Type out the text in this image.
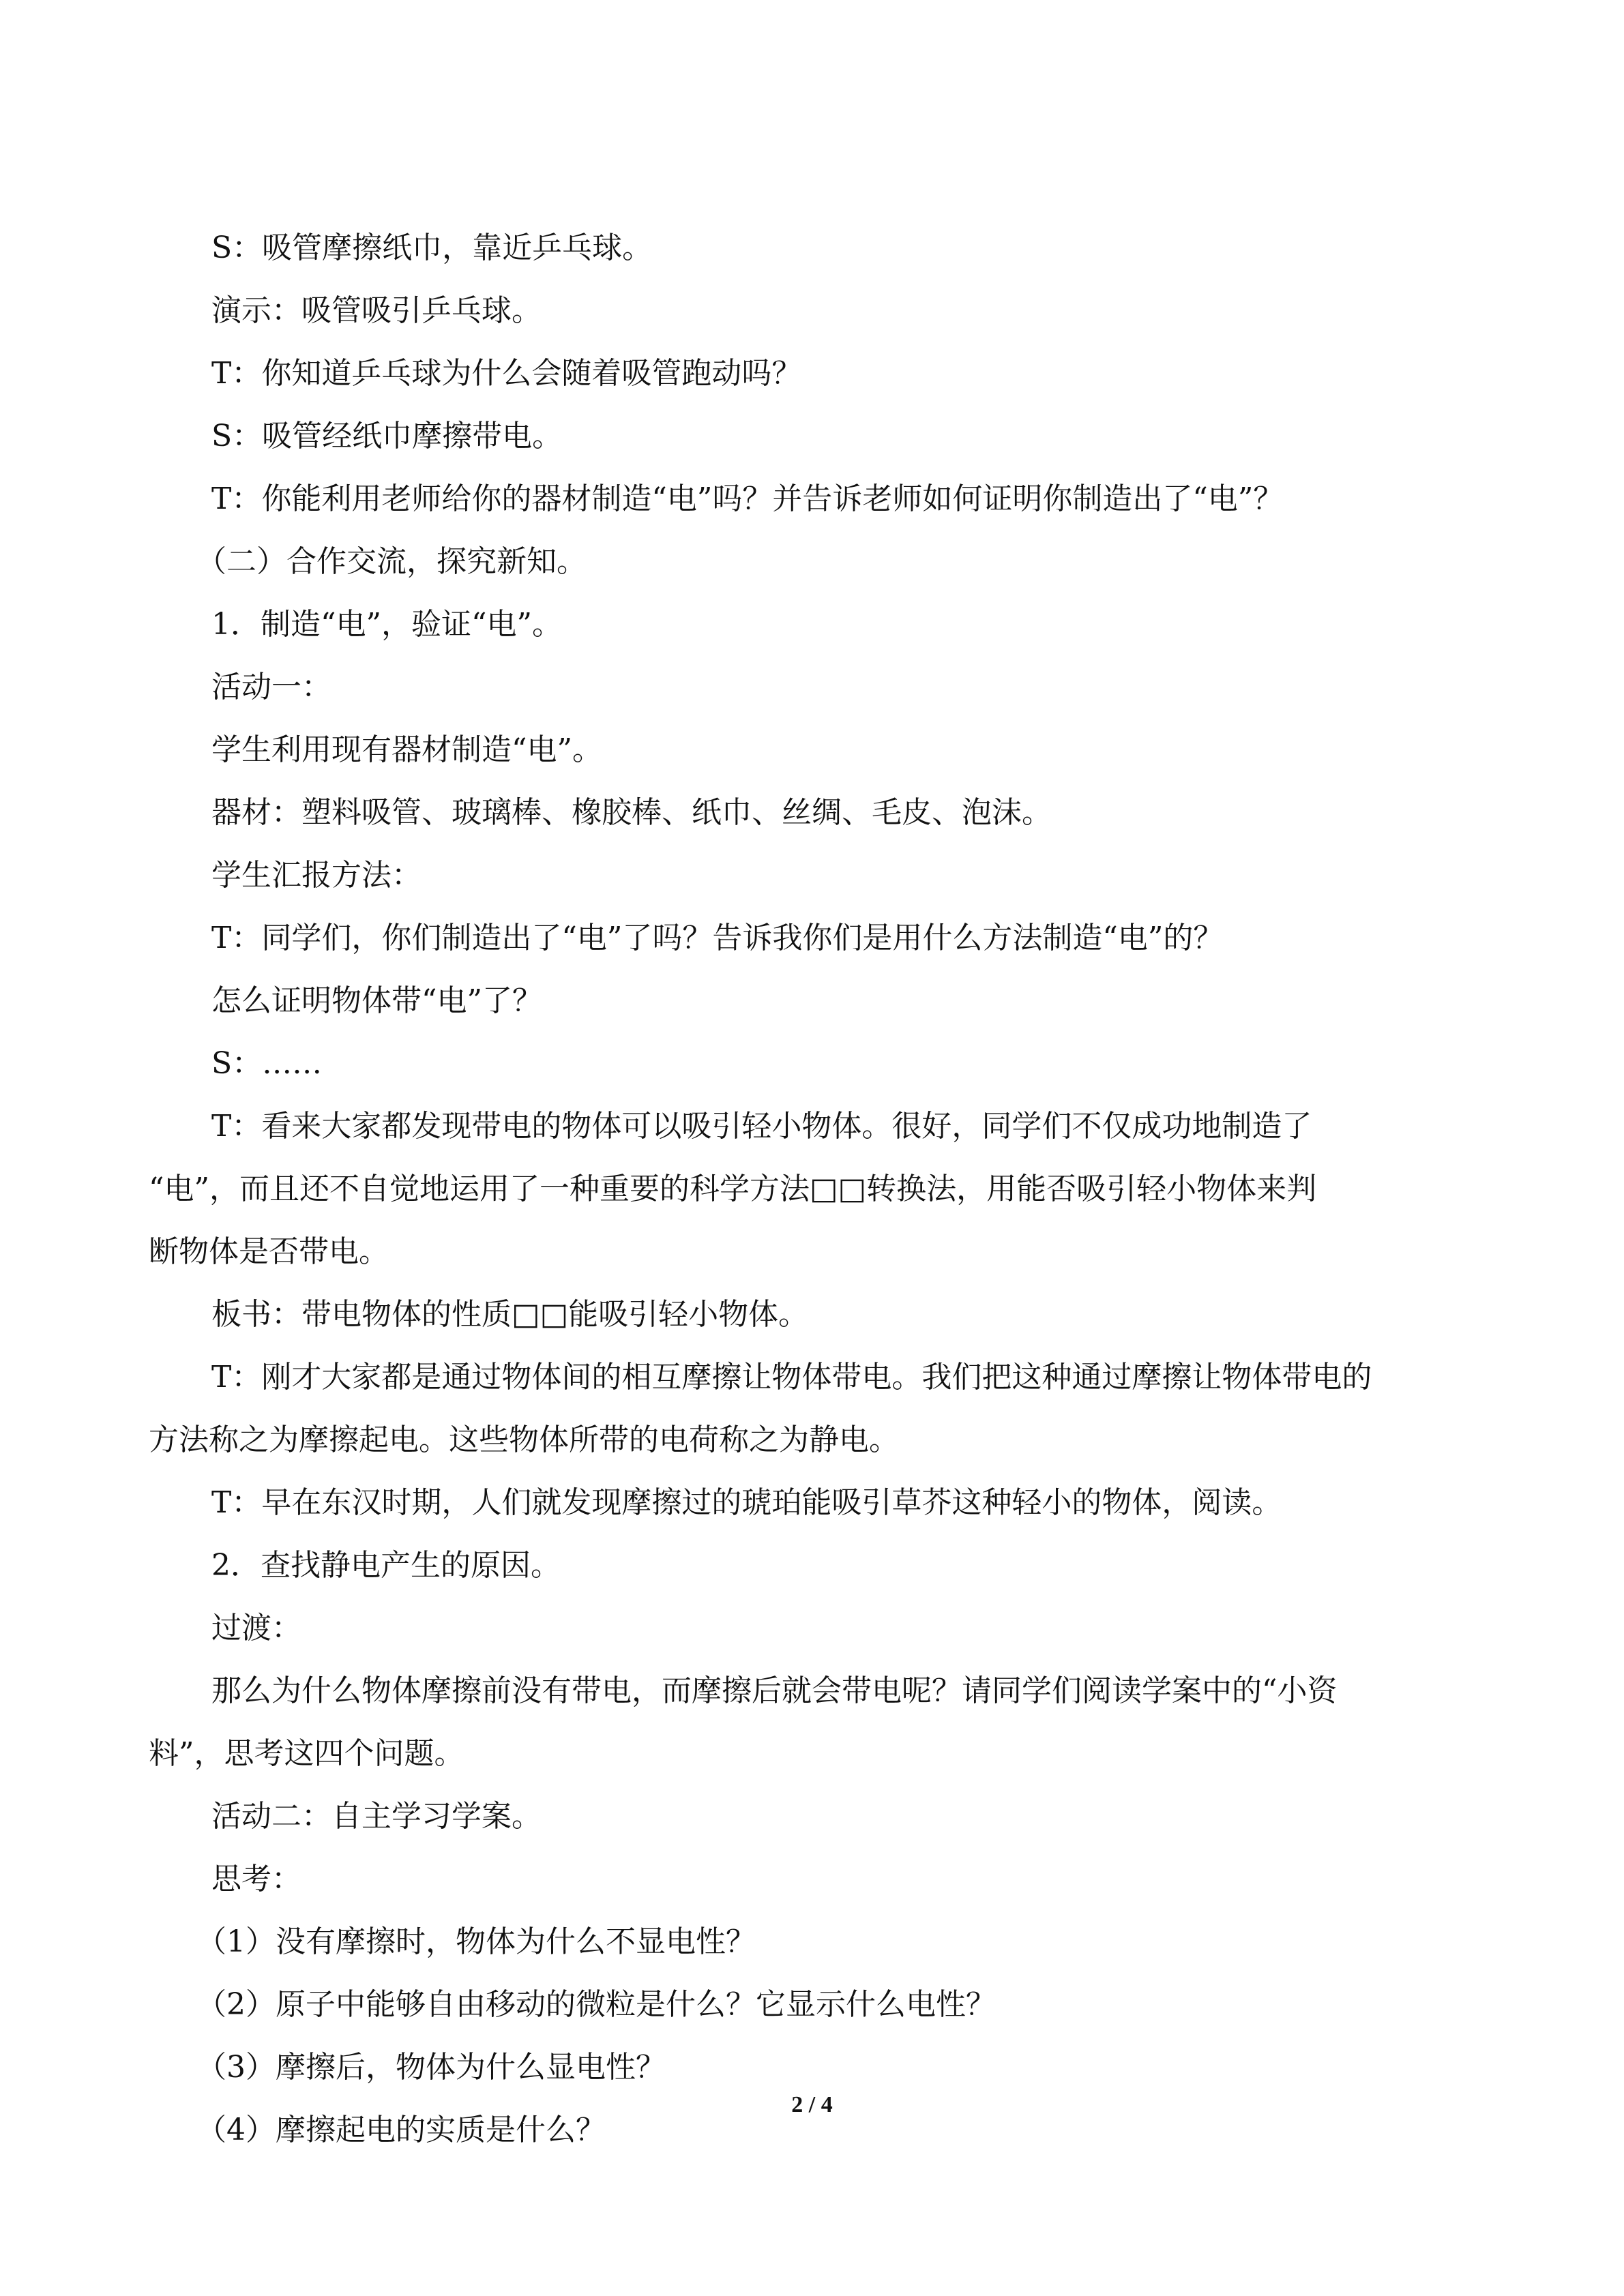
S：吸管摩擦纸巾，靠近乒乓球。
演示：吸管吸引乒乓球。
T：你知道乒乓球为什么会随着吸管跑动吗？
S：吸管经纸巾摩擦带电。
T：你能利用老师给你的器材制造“电”吗？并告诉老师如何证明你制造出了“电”？
（二）合作交流，探究新知。
1．制造“电”，验证“电”。
活动一：
学生利用现有器材制造“电”。
器材：塑料吸管、玻璃棒、橡胶棒、纸巾、丝绸、毛皮、泡沫。
学生汇报方法：
T：同学们，你们制造出了“电”了吗？告诉我你们是用什么方法制造“电”的？
怎么证明物体带“电”了？
S：……
T：看来大家都发现带电的物体可以吸引轻小物体。很好，同学们不仅成功地制造了
“电”，而且还不自觉地运用了一种重要的科学方法□□转换法，用能否吸引轻小物体来判
断物体是否带电。
板书：带电物体的性质□□能吸引轻小物体。
T：刚才大家都是通过物体间的相互摩擦让物体带电。我们把这种通过摩擦让物体带电的
方法称之为摩擦起电。这些物体所带的电荷称之为静电。
T：早在东汉时期，人们就发现摩擦过的琥珀能吸引草芥这种轻小的物体，阅读。
2．查找静电产生的原因。
过渡：
那么为什么物体摩擦前没有带电，而摩擦后就会带电呢？请同学们阅读学案中的“小资
料”，思考这四个问题。
活动二：自主学习学案。
思考：
（1）没有摩擦时，物体为什么不显电性？
（2）原子中能够自由移动的微粒是什么？它显示什么电性？
（3）摩擦后，物体为什么显电性？
（4）摩擦起电的实质是什么？
2 / 4
